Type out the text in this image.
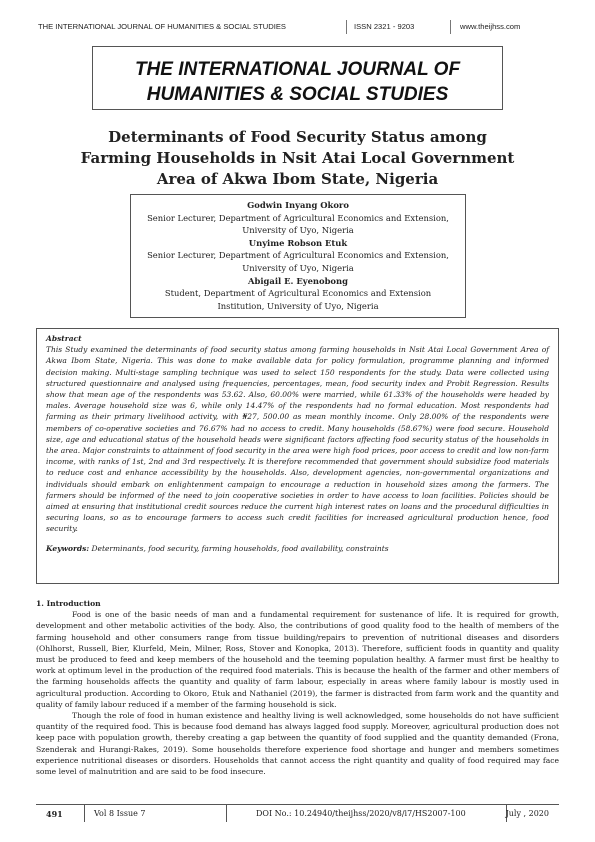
THE INTERNATIONAL JOURNAL OF HUMANITIES & SOCIAL STUDIES	ISSN 2321 - 9203	www.theijhss.com
THE INTERNATIONAL JOURNAL OF
HUMANITIES & SOCIAL STUDIES
Determinants of Food Security Status among
Farming Households in Nsit Atai Local Government
Area of Akwa Ibom State, Nigeria
Godwin Inyang Okoro
Senior Lecturer, Department of Agricultural Economics and Extension,
University of Uyo, Nigeria
Unyime Robson Etuk
Senior Lecturer, Department of Agricultural Economics and Extension,
University of Uyo, Nigeria
Abigail E. Eyenobong
Student, Department of Agricultural Economics and Extension
Institution, University of Uyo, Nigeria
Abstract
This Study examined the determinants of food security status among farming households in Nsit Atai Local Government Area of Akwa Ibom State, Nigeria. This was done to make available data for policy formulation, programme planning and informed decision making. Multi-stage sampling technique was used to select 150 respondents for the study. Data were collected using structured questionnaire and analysed using frequencies, percentages, mean, food security index and Probit Regression. Results show that mean age of the respondents was 53.62. Also, 60.00% were married, while 61.33% of the households were headed by males. Average household size was 6, while only 14.47% of the respondents had no formal education. Most respondents had farming as their primary livelihood activity, with ₦27, 500.00 as mean monthly income. Only 28.00% of the respondents were members of co-operative societies and 76.67% had no access to credit. Many households (58.67%) were food secure. Household size, age and educational status of the household heads were significant factors affecting food security status of the households in the area. Major constraints to attainment of food security in the area were high food prices, poor access to credit and low non-farm income, with ranks of 1st, 2nd and 3rd respectively. It is therefore recommended that government should subsidize food materials to reduce cost and enhance accessibility by the households. Also, development agencies, non-governmental organizations and individuals should embark on enlightenment campaign to encourage a reduction in household sizes among the farmers. The farmers should be informed of the need to join cooperative societies in order to have access to loan facilities. Policies should be aimed at ensuring that institutional credit sources reduce the current high interest rates on loans and the procedural difficulties in securing loans, so as to encourage farmers to access such credit facilities for increased agricultural production hence, food security.
Keywords: Determinants, food security, farming households, food availability, constraints
1. Introduction

Food is one of the basic needs of man and a fundamental requirement for sustenance of life. It is required for growth, development and other metabolic activities of the body. Also, the contributions of good quality food to the health of members of the farming household and other consumers range from tissue building/repairs to prevention of nutritional diseases and disorders (Ohlhorst, Russell, Bier, Klurfeld, Mein, Milner, Ross, Stover and Konopka, 2013). Therefore, sufficient foods in quantity and quality must be produced to feed and keep members of the household and the teeming population healthy. A farmer must first be healthy to work at optimum level in the production of the required food materials. This is because the health of the farmer and other members of the farming households affects the quantity and quality of farm labour, especially in areas where family labour is mostly used in agricultural production. According to Okoro, Etuk and Nathaniel (2019), the farmer is distracted from farm work and the quantity and quality of family labour reduced if a member of the farming household is sick.

Though the role of food in human existence and healthy living is well acknowledged, some households do not have sufficient quantity of the required food. This is because food demand has always lagged food supply. Moreover, agricultural production does not keep pace with population growth, thereby creating a gap between the quantity of food supplied and the quantity demanded (Frona, Szenderak and Hurangi-Rakes, 2019). Some households therefore experience food shortage and hunger and members sometimes experience nutritional diseases or disorders. Households that cannot access the right quantity and quality of food required may face some level of malnutrition and are said to be food insecure.

491	Vol 8 Issue 7	DOI No.: 10.24940/theijhss/2020/v8/i7/HS2007-100	July , 2020
